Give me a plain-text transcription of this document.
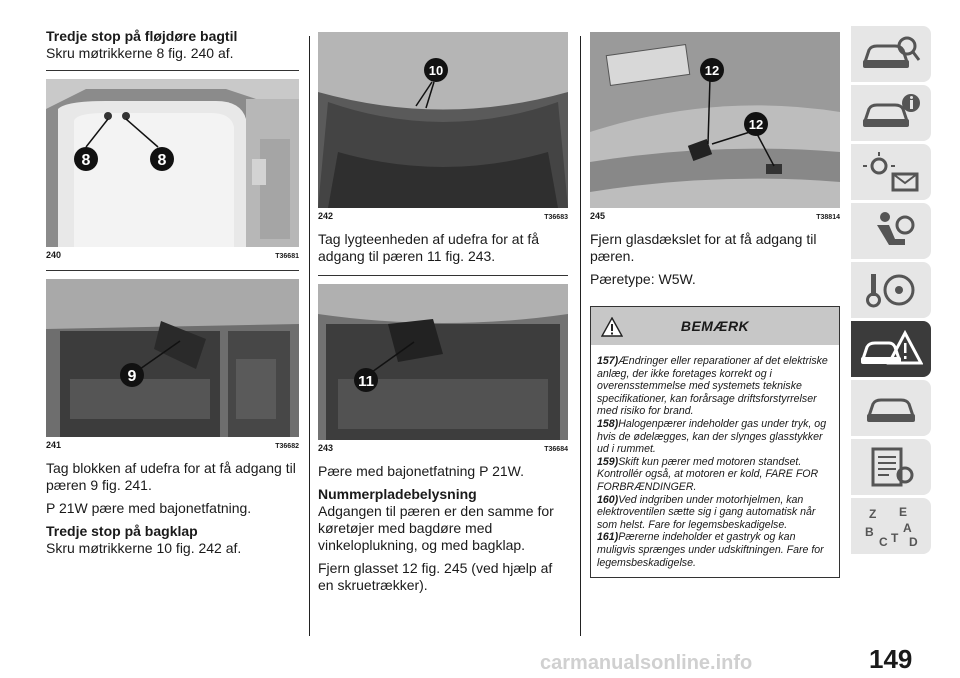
Tredje stop på fløjdøre bagtil

Skru møtrikkerne 8 fig. 240 af.

8	8
240	T36681
9
241	T36682

Tag blokken af udefra for at få adgang til pæren 9 fig. 241.

P 21W pære med bajonetfatning.

Tredje stop på bagklap

Skru møtrikkerne 10 fig. 242 af.

10
242	T36683

Tag lygteenheden af udefra for at få adgang til pæren 11 fig. 243.

11
243	T36684

Pære med bajonetfatning P 21W.

Nummerpladebelysning

Adgangen til pæren er den samme for køretøjer med bagdøre med vinkeloplukning, og med bagklap.

Fjern glasset 12 fig. 245 (ved hjælp af en skruetrækker).

12
12
245	T38814

Fjern glasdækslet for at få adgang til pæren.

Pæretype: W5W.

BEMÆRK

157)Ændringer eller reparationer af det elektriske anlæg, der ikke foretages korrekt og i overensstemmelse med systemets tekniske specifikationer, kan forårsage driftsforstyrrelser med risiko for brand.

158)Halogenpærer indeholder gas under tryk, og hvis de ødelægges, kan der slynges glasstykker ud i rummet.

159)Skift kun pærer med motoren standset. Kontrollér også, at motoren er kold, FARE FOR FORBRÆNDINGER.

160)Ved indgriben under motorhjelmen, kan elektroventilen sætte sig i gang automatisk når som helst. Fare for legemsbeskadigelse.

161)Pærerne indeholder et gastryk og kan muligvis sprænges under udskiftningen. Fare for legemsbeskadigelse.

Z E
A
B
C T D
carmanualsonline.info	149
